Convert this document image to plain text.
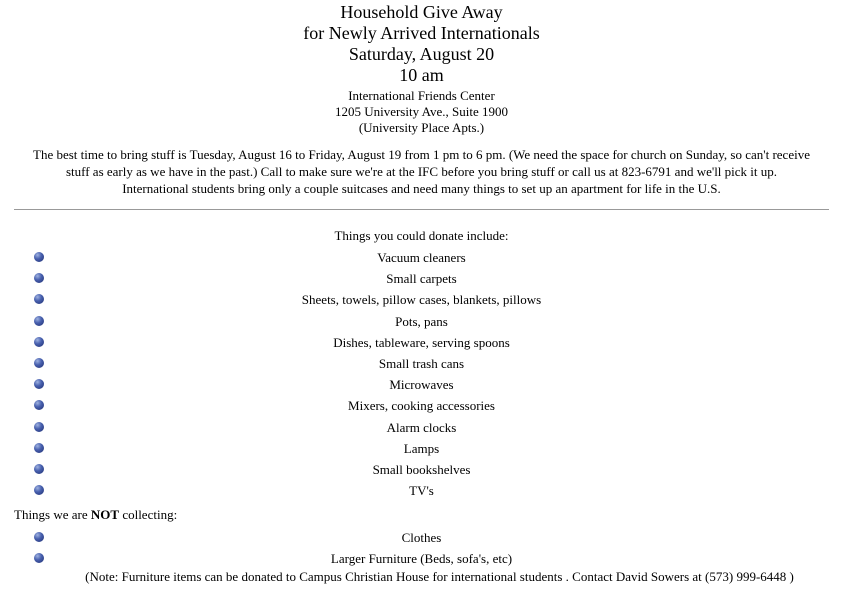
Household Give Away
for Newly Arrived Internationals
Saturday, August 20
10 am
International Friends Center
1205 University Ave., Suite 1900
(University Place Apts.)
The best time to bring stuff is Tuesday, August 16 to Friday, August 19 from 1 pm to 6 pm. (We need the space for church on Sunday, so can't receive
stuff as early as we have in the past.) Call to make sure we're at the IFC before you bring stuff or call us at 823-6791 and we'll pick it up.
International students bring only a couple suitcases and need many things to set up an apartment for life in the U.S.
Things you could donate include:
Vacuum cleaners
Small carpets
Sheets, towels, pillow cases, blankets, pillows
Pots, pans
Dishes, tableware, serving spoons
Small trash cans
Microwaves
Mixers, cooking accessories
Alarm clocks
Lamps
Small bookshelves
TV's
Things we are NOT collecting:
Clothes
Larger Furniture (Beds, sofa's, etc)
(Note: Furniture items can be donated to Campus Christian House for international students . Contact David Sowers at (573) 999-6448 )
